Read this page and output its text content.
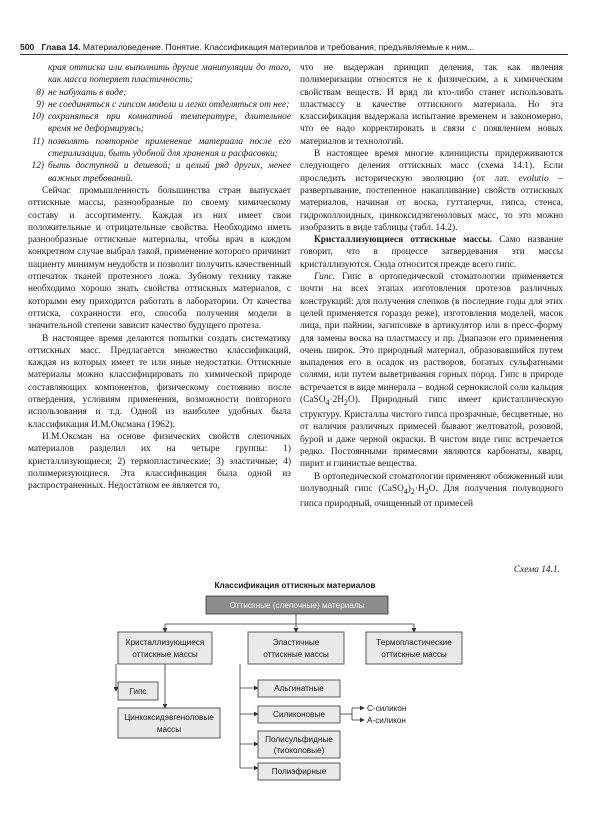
500 Глава 14. Материаловедение. Понятие. Классификация материалов и требования, предъявляемые к ним...
края оттиска или выполнить другие манипуляции до того, как масса потеряет пластичность;
8) не набухать в воде;
9) не соединяться с гипсом модели и легко отделяться от нее;
10) сохраняться при комнатной температуре, длительное время не деформируясь;
11) позволять повторное применение материала после его стерилизации, быть удобной для хранения и расфасовки;
12) быть доступной и дешевой; и целый ряд других, менее важных требований.

Сейчас промышленность большинства стран выпускает оттискные массы, разнообразные по своему химическому составу и ассортименту. Каждая из них имеет свои положительные и отрицательные свойства. Необходимо иметь разнообразные оттискные материалы, чтобы врач в каждом конкретном случае выбрал такой, применение которого причинит пациенту минимум неудобств и позволит получить качественный отпечаток тканей протезного ложа. Зубному технику также необходимо хорошо знать свойства оттискных материалов, с которыми ему приходится работать в лаборатории. От качества оттиска, сохранности его, способа получения модели в значительной степени зависит качество будущего протеза.

В настоящее время делаются попытки создать систематику оттискных масс. Предлагается множество классификаций, каждая из которых имеет те или иные недостатки. Оттискные материалы можно классифицировать по химической природе составляющих компонентов, физическому состоянию после отвердения, условиям применения, возможности повторного использования и т.д. Одной из наиболее удобных была классификация И.М.Оксмана (1962).

И.М.Оксман на основе физических свойств слепочных материалов разделил их на четыре группы: 1) кристаллизующиеся; 2) термопластические; 3) эластичные; 4) полимеризующиеся. Эта классификация была одной из распространенных. Недостатком ее является то,

что не выдержан принцип деления, так как явления полимеризации относятся не к физическим, а к химическим свойствам веществ. И вряд ли кто-либо станет использовать пластмассу в качестве оттискного материала. Но эта классификация выдержала испытание временем и закономерно, что ее надо корректировать в связи с появлением новых материалов и технологий.

В настоящее время многие клиницисты придерживаются следующего деления оттискных масс (схема 14.1). Если проследить историческую эволюцию (от лат. evolutio – развертывание, постепенное накапливание) свойств оттискных материалов, начиная от воска, гуттаперчи, гипса, стенса, гидроколлоидных, цинкоксидэвгеноловых масс, то это можно изобразить в виде таблицы (табл. 14.2).

Кристаллизующиеся оттискные массы. Само название говорит, что в процессе затвердевания эти массы кристаллизуются. Сюда относится прежде всего гипс.

Гипс. Гипс в ортопедической стоматологии применяется почти на всех этапах изготовления протезов различных конструкций: для получения слепков (в последние годы для этих целей применяется гораздо реже), изготовления моделей, масок лица, при пайнии, загипсовке в артикулятор или в пресс-форму для замены воска на пластмассу и пр. Диапазон его применения очень широк. Это природный материал, образовавшийся путем выпадения его в осадок из растворов, богатых сульфатными солями, или путем выветривания горных пород. Гипс в природе встречается в виде минерала – водной сернокислой соли кальция $(CaSO_4\cdot 2H_2O)$. Природный гипс имеет кристаллическую структуру. Кристаллы чистого гипса прозрачные, бесцветные, но от наличия различных примесей бывают желтоватой, розовой, бурой и даже черной окраски. В чистом виде гипс встречается редко. Постоянными примесями являются карбонаты, кварц, пирит и глинистые вещества.

В ортопедической стоматологии применяют обожженный или полуводный гипс $(CaSO_4)_2\cdot H_2O$. Для получения полуводного гипса природный, очищенный от примесей

Схема 14.1.
Классификация оттискных материалов
Оттискные (слепочные) материалы
Кристаллизующиеся
оттискные массы
Эластичные
оттискные массы
Термопластические
оттискные массы
Гипс
Цинкоксидэвгеноловые
массы
Альгинатные
Силиконовые
С-силикон
А-силикон
Полисульфидные
(тиоколовые)
Полиэфирные
